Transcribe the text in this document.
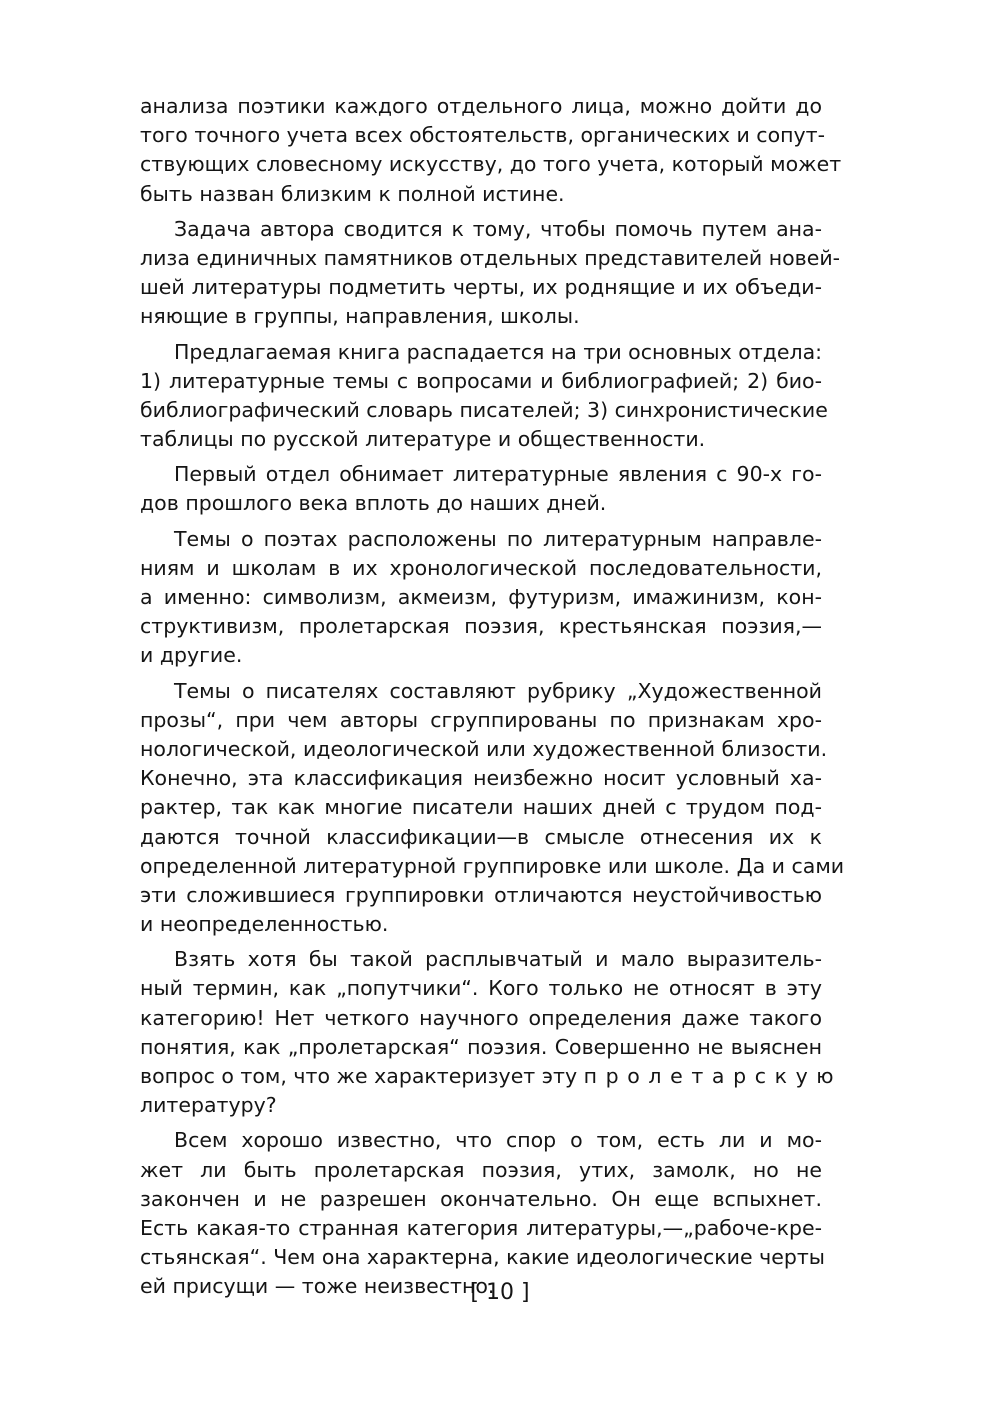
анализа поэтики каждого отдельного лица, можно дойти до
того точного учета всех обстоятельств, органических и сопут-
ствующих словесному искусству, до того учета, который может
быть назван близким к полной истине.
Задача автора сводится к тому, чтобы помочь путем ана-
лиза единичных памятников отдельных представителей новей-
шей литературы подметить черты, их роднящие и их объеди-
няющие в группы, направления, школы.
Предлагаемая книга распадается на три основных отдела:
1) литературные темы с вопросами и библиографией; 2) био-
библиографический словарь писателей; 3) синхронистические
таблицы по русской литературе и общественности.
Первый отдел обнимает литературные явления с 90-х го-
дов прошлого века вплоть до наших дней.
Темы о поэтах расположены по литературным направле-
ниям и школам в их хронологической последовательности,
а именно: символизм, акмеизм, футуризм, имажинизм, кон-
структивизм, пролетарская поэзия, крестьянская поэзия,—
и другие.
Темы о писателях составляют рубрику „Художественной
прозы“, при чем авторы сгруппированы по признакам хро-
нологической, идеологической или художественной близости.
Конечно, эта классификация неизбежно носит условный ха-
рактер, так как многие писатели наших дней с трудом под-
даются точной классификации—в смысле отнесения их к
определенной литературной группировке или школе. Да и сами
эти сложившиеся группировки отличаются неустойчивостью
и неопределенностью.
Взять хотя бы такой расплывчатый и мало выразитель-
ный термин, как „попутчики“. Кого только не относят в эту
категорию! Нет четкого научного определения даже такого
понятия, как „пролетарская“ поэзия. Совершенно не выяснен
вопрос о том, что же характеризует эту пролетарскую
литературу?
Всем хорошо известно, что спор о том, есть ли и мо-
жет ли быть пролетарская поэзия, утих, замолк, но не
закончен и не разрешен окончательно. Он еще вспыхнет.
Есть какая-то странная категория литературы,—„рабоче-кре-
стьянская“. Чем она характерна, какие идеологические черты
ей присущи — тоже неизвестно.
[ 10 ]
